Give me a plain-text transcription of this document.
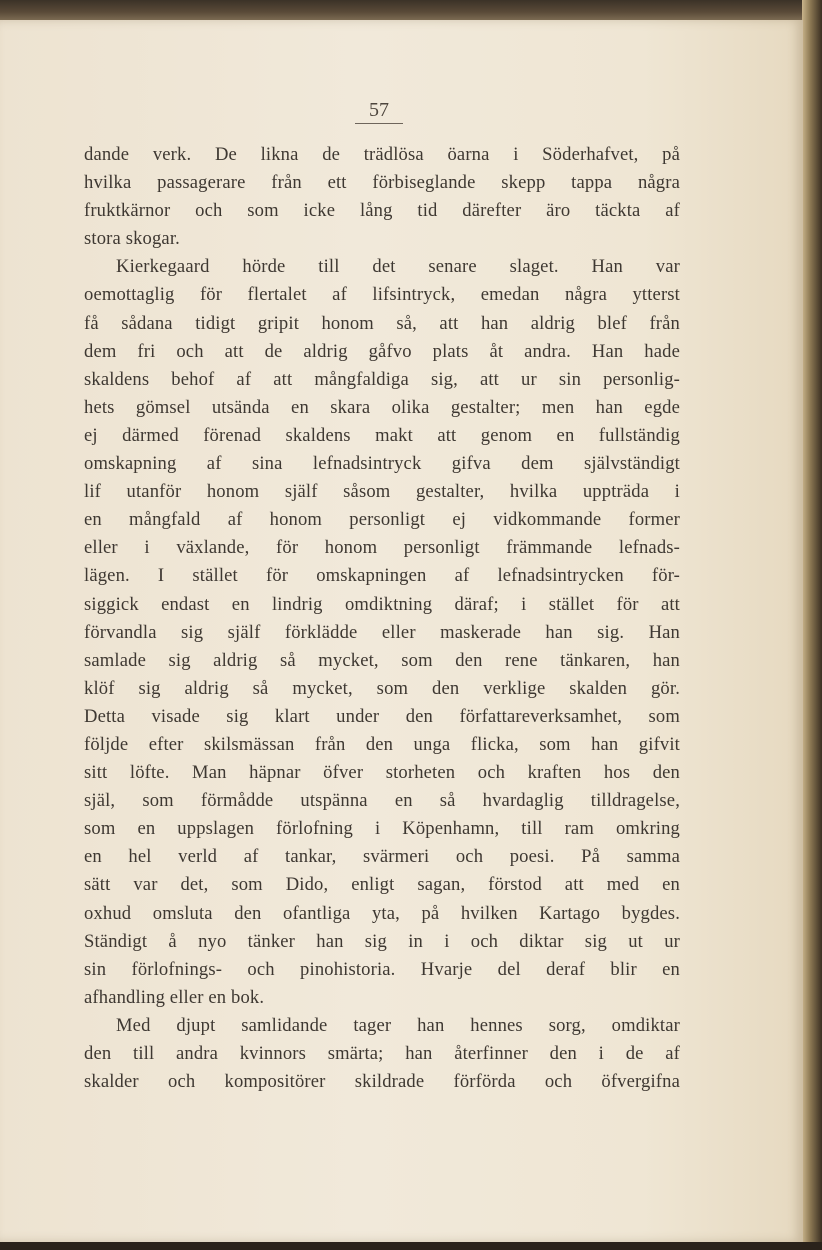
57
dande verk. De likna de trädlösa öarna i Söderhafvet, på
hvilka passagerare från ett förbiseglande skepp tappa några
fruktkärnor och som icke lång tid därefter äro täckta af
stora skogar.
Kierkegaard hörde till det senare slaget. Han var
oemottaglig för flertalet af lifsintryck, emedan några ytterst
få sådana tidigt gripit honom så, att han aldrig blef från
dem fri och att de aldrig gåfvo plats åt andra. Han hade
skaldens behof af att mångfaldiga sig, att ur sin personlig-
hets gömsel utsända en skara olika gestalter; men han egde
ej därmed förenad skaldens makt att genom en fullständig
omskapning af sina lefnadsintryck gifva dem självständigt
lif utanför honom själf såsom gestalter, hvilka uppträda i
en mångfald af honom personligt ej vidkommande former
eller i växlande, för honom personligt främmande lefnads-
lägen. I stället för omskapningen af lefnadsintrycken för-
siggick endast en lindrig omdiktning däraf; i stället för att
förvandla sig själf förklädde eller maskerade han sig. Han
samlade sig aldrig så mycket, som den rene tänkaren, han
klöf sig aldrig så mycket, som den verklige skalden gör.
Detta visade sig klart under den författareverksamhet, som
följde efter skilsmässan från den unga flicka, som han gifvit
sitt löfte. Man häpnar öfver storheten och kraften hos den
själ, som förmådde utspänna en så hvardaglig tilldragelse,
som en uppslagen förlofning i Köpenhamn, till ram omkring
en hel verld af tankar, svärmeri och poesi. På samma
sätt var det, som Dido, enligt sagan, förstod att med en
oxhud omsluta den ofantliga yta, på hvilken Kartago bygdes.
Ständigt å nyo tänker han sig in i och diktar sig ut ur
sin förlofnings- och pinohistoria. Hvarje del deraf blir en
afhandling eller en bok.
Med djupt samlidande tager han hennes sorg, omdiktar
den till andra kvinnors smärta; han återfinner den i de af
skalder och kompositörer skildrade förförda och öfvergifna
